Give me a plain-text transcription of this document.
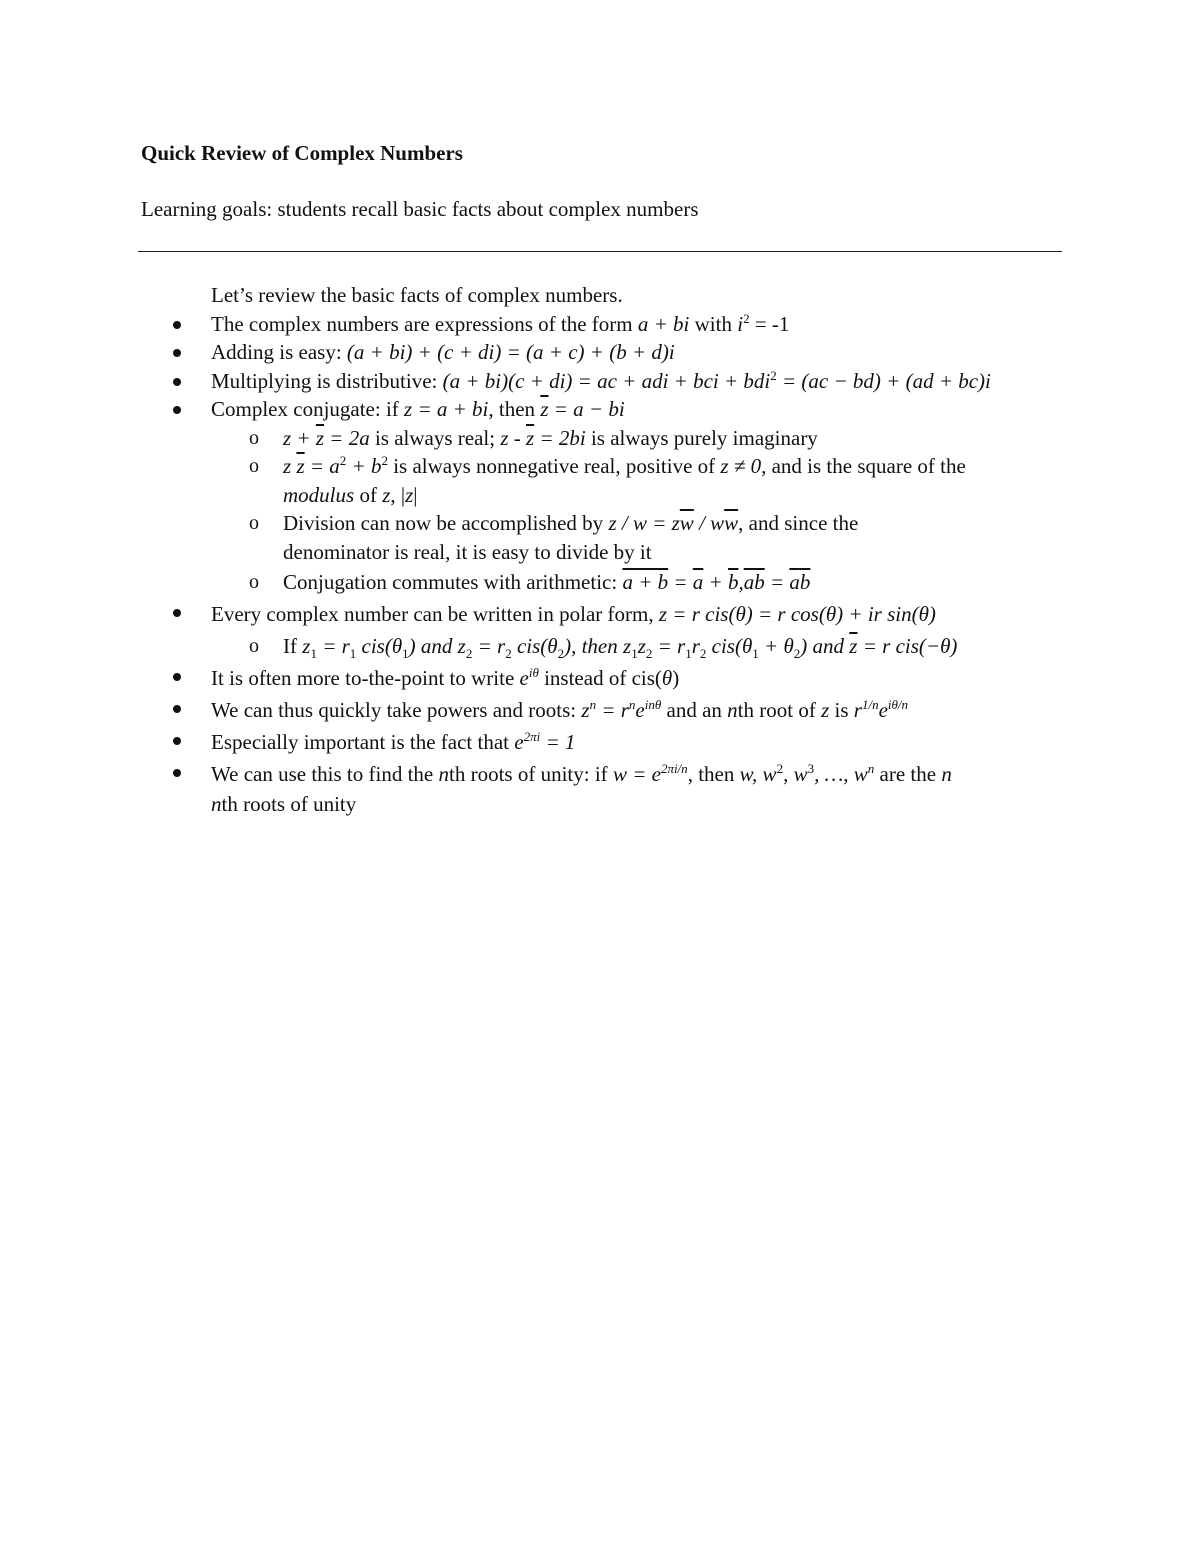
Quick Review of Complex Numbers
Learning goals: students recall basic facts about complex numbers
Let’s review the basic facts of complex numbers.
The complex numbers are expressions of the form a + bi with $i^2 = -1$
Adding is easy: (a + bi) + (c + di) = (a + c) + (b + d)i
Multiplying is distributive: (a + bi)(c + di) = ac + adi + bci + bdi$^2$ = (ac − bd) + (ad + bc)i
Complex conjugate: if z = a + bi, then $\overline{z} = a$ − bi
o $z + \overline{z} = 2a$ is always real; $z - \overline{z} = 2bi$ is always purely imaginary
o z $\overline{z} = a^2 + b^2$ is always nonnegative real, positive of z ≠ 0, and is the square of the
modulus of z, |z|
o Division can now be accomplished by $z / w = z\overline{w} / w\overline{w}$, and since the
denominator is real, it is easy to divide by it
o Conjugation commutes with arithmetic: $a + b = \overline{a} + \overline{b},\overline{ab} = \overline{a}\overline{b}$
Every complex number can be written in polar form, z = r cis(θ) = r cos(θ) + ir sin(θ)
o If $z_1 = r_1$ $cis(\theta_1)$ and $z_2 = r_2$ $cis(\theta_2)$, then $z_1z_2 = r_1r_2$ $cis(\theta_1 + \theta_2)$ and $\overline{z} = r$ cis(−θ)
It is often more to-the-point to write $e^{i\theta}$ instead of cis(θ)
We can thus quickly take powers and roots: $z^n = r^ne^{in\theta}$ and an nth root of z is $r^{1/n}e^{i\theta/n}$
Especially important is the fact that $e^{2\pi i} = 1$
We can use this to find the nth roots of unity: if $w = e^{2\pi i/n}$, then w, $w^2$, $w^3$, …, $w^n$ are the n
nth roots of unity
